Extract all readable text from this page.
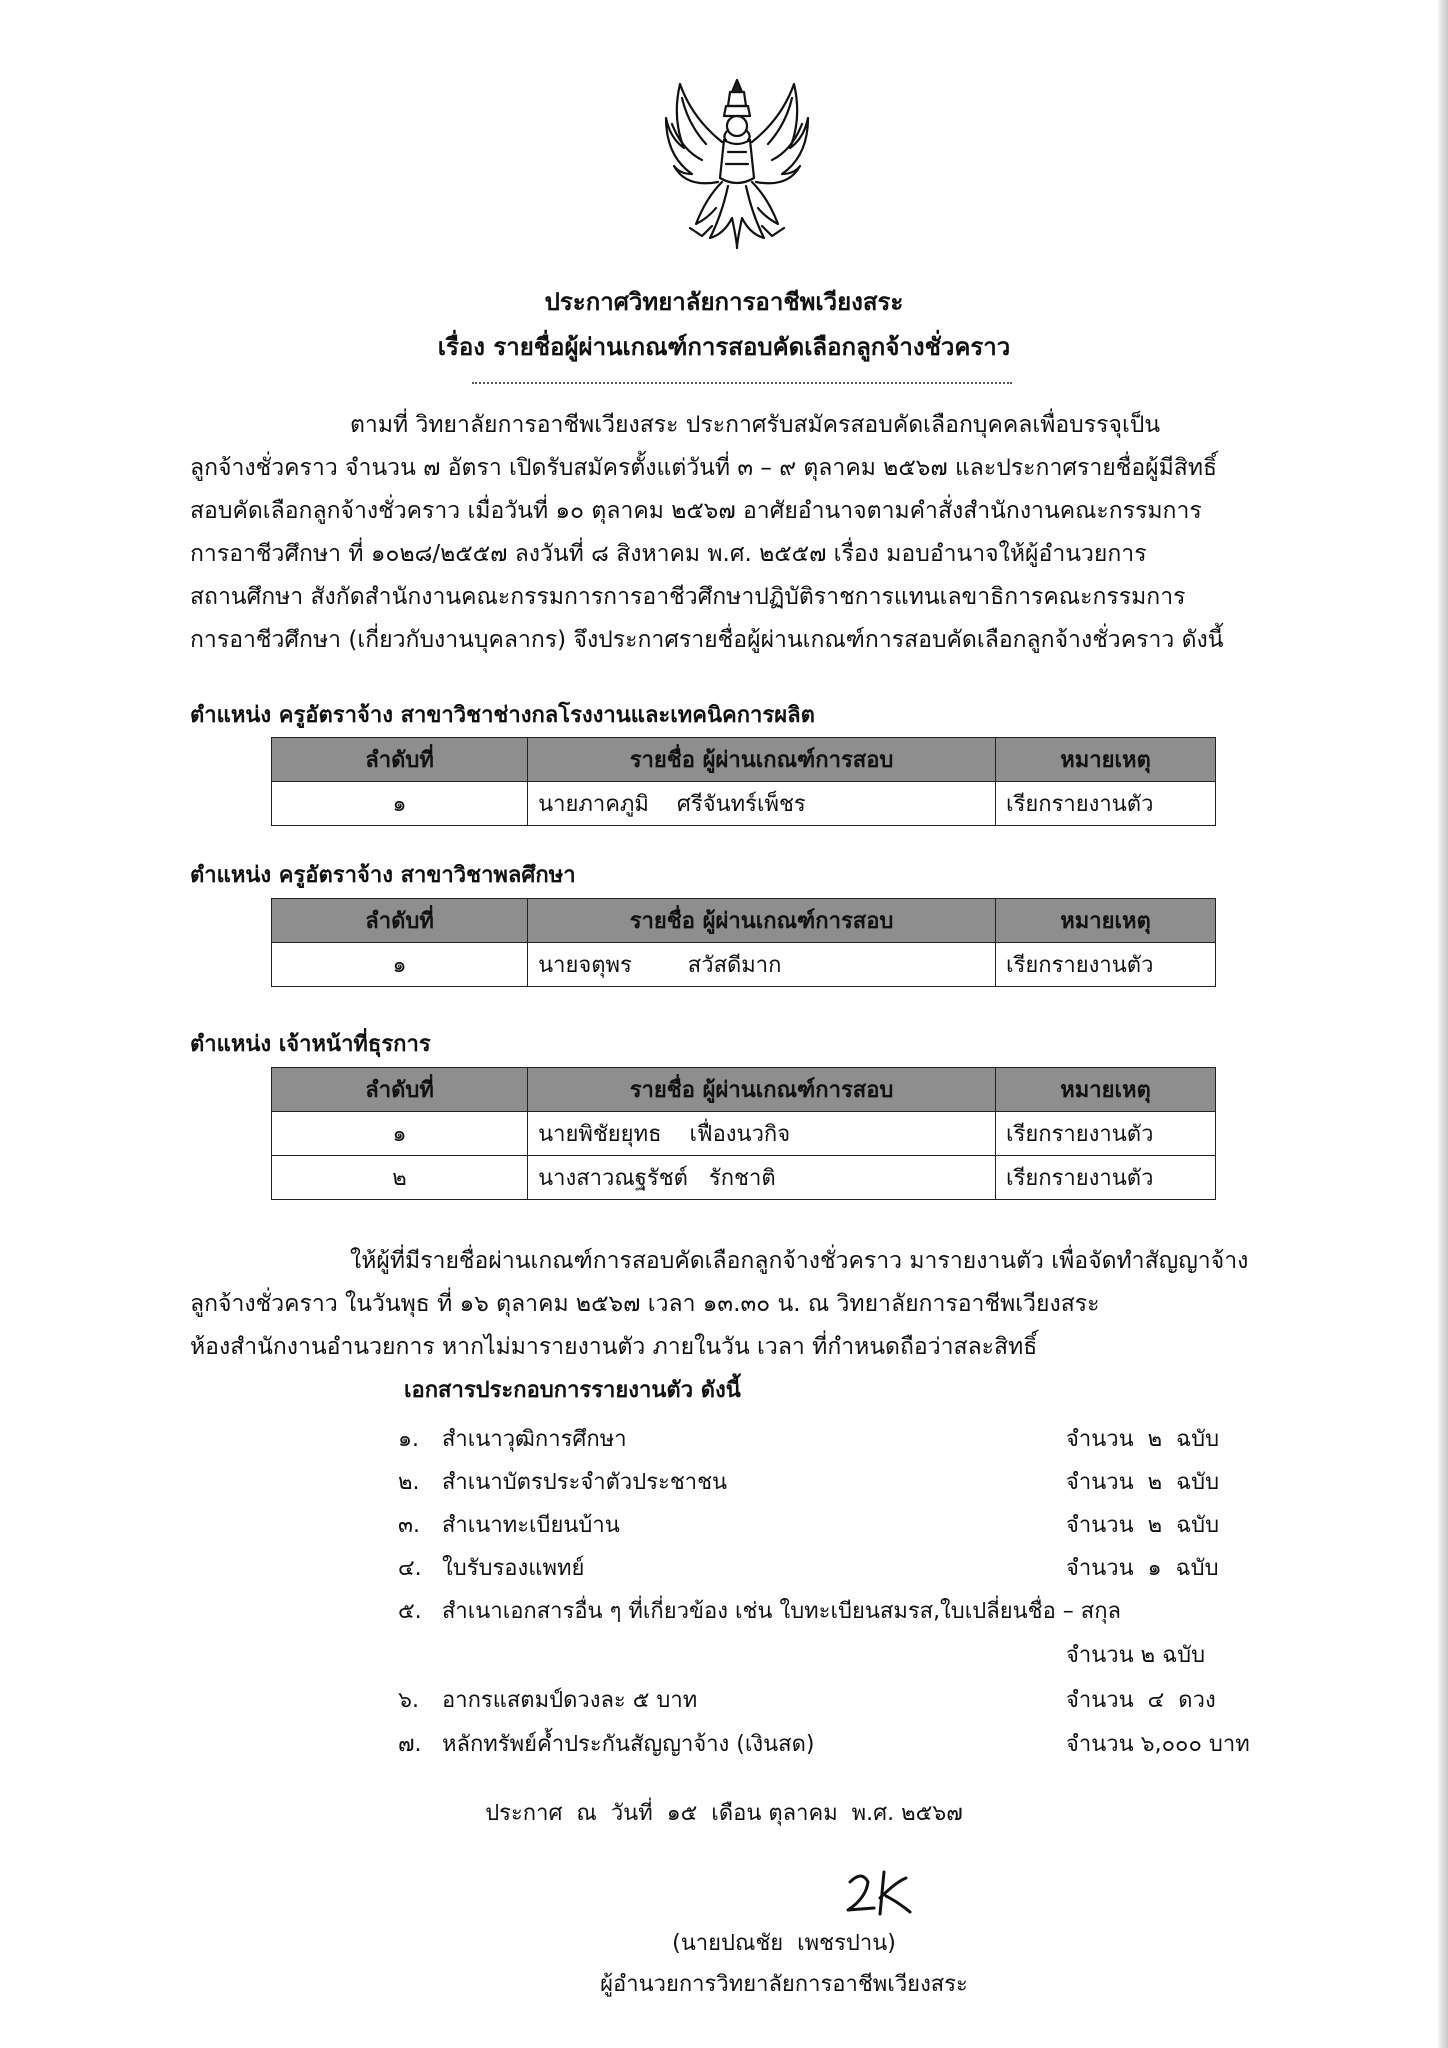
ประกาศวิทยาลัยการอาชีพเวียงสระ
เรื่อง รายชื่อผู้ผ่านเกณฑ์การสอบคัดเลือกลูกจ้างชั่วคราว
ตามที่ วิทยาลัยการอาชีพเวียงสระ ประกาศรับสมัครสอบคัดเลือกบุคคลเพื่อบรรจุเป็น
ลูกจ้างชั่วคราว จำนวน ๗ อัตรา เปิดรับสมัครตั้งแต่วันที่ ๓ – ๙ ตุลาคม ๒๕๖๗ และประกาศรายชื่อผู้มีสิทธิ์
สอบคัดเลือกลูกจ้างชั่วคราว เมื่อวันที่ ๑๐ ตุลาคม ๒๕๖๗ อาศัยอำนาจตามคำสั่งสำนักงานคณะกรรมการ
การอาชีวศึกษา ที่ ๑๐๒๘/๒๕๕๗ ลงวันที่ ๘ สิงหาคม พ.ศ. ๒๕๕๗ เรื่อง มอบอำนาจให้ผู้อำนวยการ
สถานศึกษา สังกัดสำนักงานคณะกรรมการการอาชีวศึกษาปฏิบัติราชการแทนเลขาธิการคณะกรรมการ
การอาชีวศึกษา (เกี่ยวกับงานบุคลากร) จึงประกาศรายชื่อผู้ผ่านเกณฑ์การสอบคัดเลือกลูกจ้างชั่วคราว ดังนี้
ตำแหน่ง ครูอัตราจ้าง สาขาวิชาช่างกลโรงงานและเทคนิคการผลิต
ลำดับที่	รายชื่อ ผู้ผ่านเกณฑ์การสอบ	หมายเหตุ
๑	นายภาคภูมิ    ศรีจันทร์เพ็ชร	เรียกรายงานตัว
ตำแหน่ง ครูอัตราจ้าง สาขาวิชาพลศึกษา
ลำดับที่	รายชื่อ ผู้ผ่านเกณฑ์การสอบ	หมายเหตุ
๑	นายจตุพร        สวัสดีมาก	เรียกรายงานตัว
ตำแหน่ง เจ้าหน้าที่ธุรการ
ลำดับที่	รายชื่อ ผู้ผ่านเกณฑ์การสอบ	หมายเหตุ
๑	นายพิชัยยุทธ    เฟื่องนวกิจ	เรียกรายงานตัว
๒	นางสาวณฐรัชต์   รักชาติ	เรียกรายงานตัว
ให้ผู้ที่มีรายชื่อผ่านเกณฑ์การสอบคัดเลือกลูกจ้างชั่วคราว มารายงานตัว เพื่อจัดทำสัญญาจ้าง
ลูกจ้างชั่วคราว ในวันพุธ ที่ ๑๖ ตุลาคม ๒๕๖๗ เวลา ๑๓.๓๐ น. ณ วิทยาลัยการอาชีพเวียงสระ
ห้องสำนักงานอำนวยการ หากไม่มารายงานตัว ภายในวัน เวลา ที่กำหนดถือว่าสละสิทธิ์
เอกสารประกอบการรายงานตัว ดังนี้
๑. สำเนาวุฒิการศึกษา	จำนวน  ๒  ฉบับ
๒. สำเนาบัตรประจำตัวประชาชน	จำนวน  ๒  ฉบับ
๓. สำเนาทะเบียนบ้าน	จำนวน  ๒  ฉบับ
๔. ใบรับรองแพทย์	จำนวน  ๑  ฉบับ
๕. สำเนาเอกสารอื่น ๆ ที่เกี่ยวข้อง เช่น ใบทะเบียนสมรส,ใบเปลี่ยนชื่อ – สกุล
จำนวน ๒ ฉบับ
๖. อากรแสตมป์ดวงละ ๕ บาท	จำนวน  ๔  ดวง
๗. หลักทรัพย์ค้ำประกันสัญญาจ้าง (เงินสด)	จำนวน ๖,๐๐๐ บาท
ประกาศ  ณ  วันที่  ๑๕  เดือน ตุลาคม  พ.ศ. ๒๕๖๗
(นายปณชัย  เพชรปาน)
ผู้อำนวยการวิทยาลัยการอาชีพเวียงสระ
